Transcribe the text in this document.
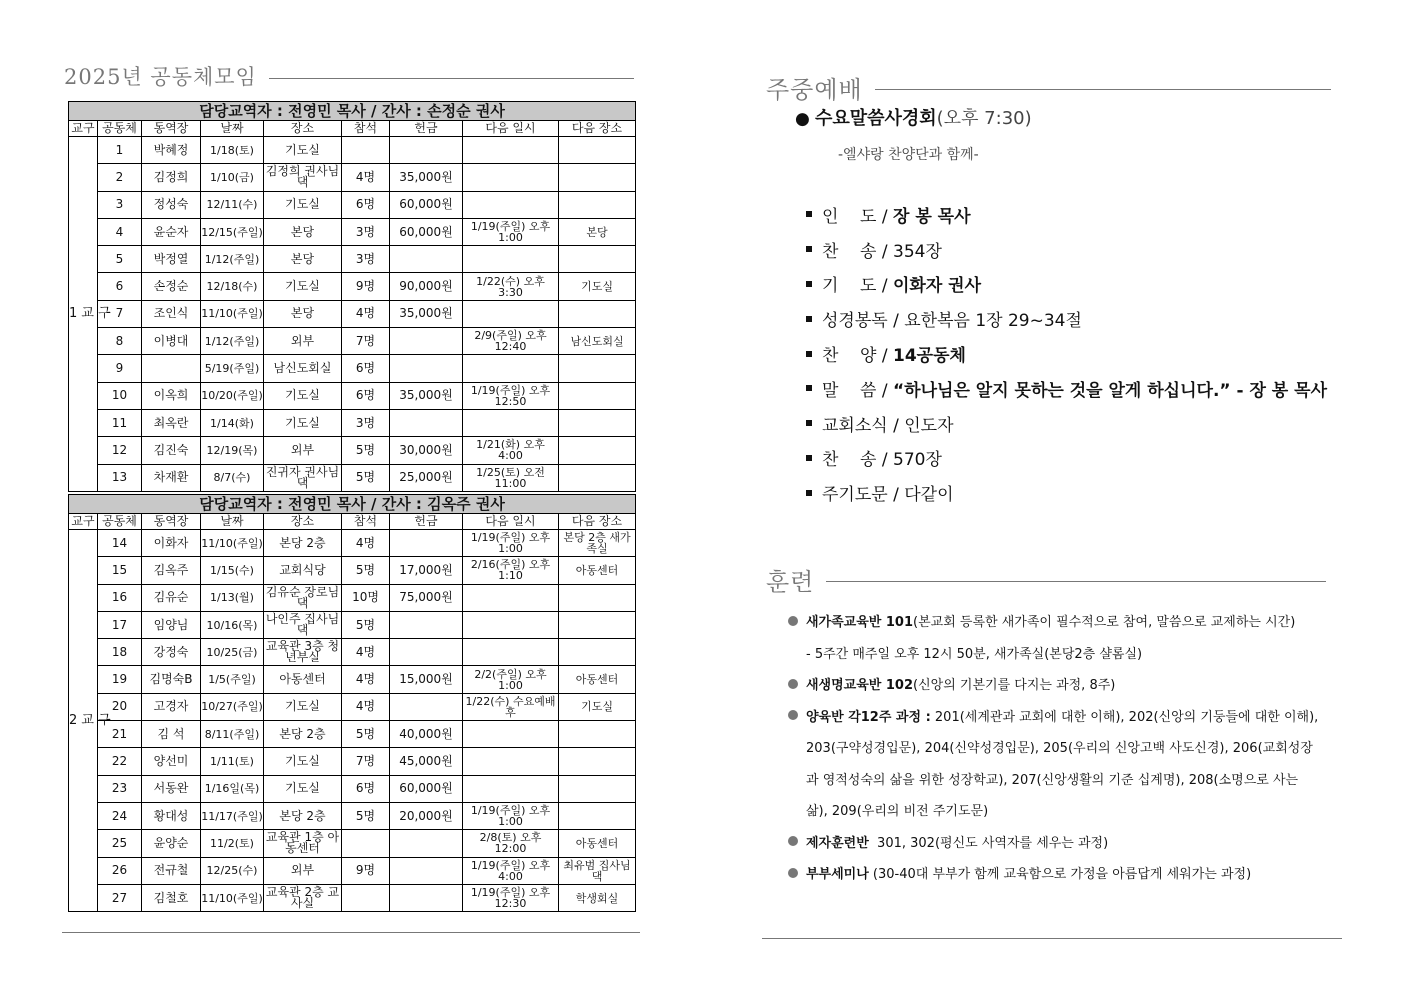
2025년 공동체모임
담당교역자 : 전영민 목사 / 간사 : 손정순 권사								
교구	공동체	동역장	날짜	장소	참석	헌금	다음 일시	다음 장소
1 교 구	1	박혜정	1/18(토)	기도실				
	2	김정희	1/10(금)	김정희 권사님 댁	4명	35,000원		
	3	정성숙	12/11(수)	기도실	6명	60,000원		
	4	윤순자	12/15(주일)	본당	3명	60,000원	1/19(주일) 오후 1:00	본당
	5	박정열	1/12(주일)	본당	3명			
	6	손정순	12/18(수)	기도실	9명	90,000원	1/22(수) 오후 3:30	기도실
	7	조인식	11/10(주일)	본당	4명	35,000원		
	8	이병대	1/12(주일)	외부	7명		2/9(주일) 오후 12:40	남신도회실
	9		5/19(주일)	남신도회실	6명			
	10	이옥희	10/20(주일)	기도실	6명	35,000원	1/19(주일) 오후 12:50	
	11	최옥란	1/14(화)	기도실	3명			
	12	김진숙	12/19(목)	외부	5명	30,000원	1/21(화) 오후 4:00	
	13	차재환	8/7(수)	진귀자 권사님 댁	5명	25,000원	1/25(토) 오전 11:00	
담당교역자 : 전영민 목사 / 간사 : 김옥주 권사								
교구	공동체	동역장	날짜	장소	참석	헌금	다음 일시	다음 장소
2 교 구	14	이화자	11/10(주일)	본당 2층	4명		1/19(주일) 오후 1:00	본당 2층 새가족실
	15	김옥주	1/15(수)	교회식당	5명	17,000원	2/16(주일) 오후 1:10	아동센터
	16	김유순	1/13(월)	김유순 장로님 댁	10명	75,000원		
	17	임양님	10/16(목)	나인주 집사님 댁	5명			
	18	강정숙	10/25(금)	교육관 3층 청년부실	4명			
	19	김명숙B	1/5(주일)	아동센터	4명	15,000원	2/2(주일) 오후 1:00	아동센터
	20	고경자	10/27(주일)	기도실	4명		1/22(수) 수요예배 후	기도실
	21	김 석	8/11(주일)	본당 2층	5명	40,000원		
	22	양선미	1/11(토)	기도실	7명	45,000원		
	23	서동완	1/16일(목)	기도실	6명	60,000원		
	24	황대성	11/17(주일)	본당 2층	5명	20,000원	1/19(주일) 오후 1:00	
	25	윤양순	11/2(토)	교육관 1층 아동센터			2/8(토) 오후 12:00	아동센터
	26	전규철	12/25(수)	외부	9명		1/19(주일) 오후 4:00	최유범 집사님 댁
	27	김철호	11/10(주일)	교육관 2층 교사실			1/19(주일) 오후 12:30	학생회실
주중예배
● 수요말씀사경회(오후 7:30)
-엘샤랑 찬양단과 함께-
인    도 / 장 봉 목사
찬    송 / 354장
기    도 / 이화자 권사
성경봉독 / 요한복음 1장 29~34절
찬    양 / 14공동체
말    씀 / “하나님은 알지 못하는 것을 알게 하십니다.” - 장 봉 목사
교회소식 / 인도자
찬    송 / 570장
주기도문 / 다같이
훈련
새가족교육반 101 (본교회 등록한 새가족이 필수적으로 참여, 말씀으로 교제하는 시간)
- 5주간 매주일 오후 12시 50분, 새가족실(본당2층 샬롬실)
새생명교육반 102 (신앙의 기본기를 다지는 과정, 8주)
양육반 각12주 과정 : 201(세계관과 교회에 대한 이해), 202(신앙의 기둥들에 대한 이해),
203(구약성경입문), 204(신약성경입문), 205(우리의 신앙고백 사도신경), 206(교회성장
과 영적성숙의 삶을 위한 성장학교), 207(신앙생활의 기준 십계명), 208(소명으로 사는
삶), 209(우리의 비전 주기도문)
제자훈련반 301, 302(평신도 사역자를 세우는 과정)
부부세미나 (30-40대 부부가 함께 교육함으로 가정을 아름답게 세워가는 과정)
